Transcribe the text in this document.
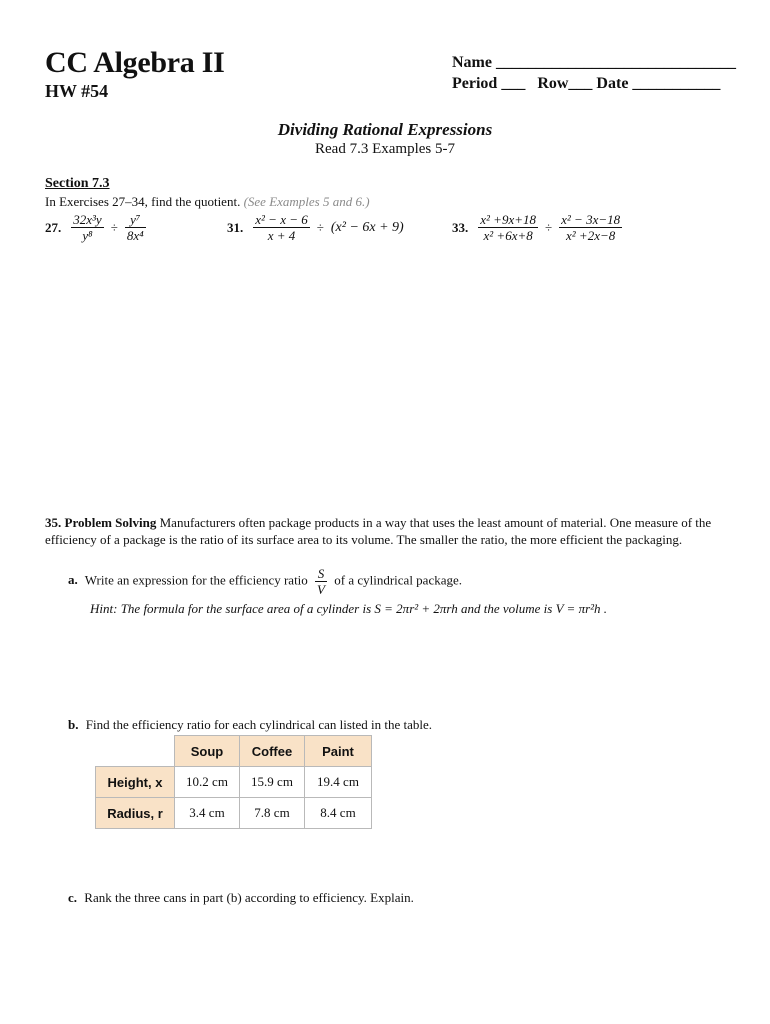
CC Algebra II
HW #54
Name ______________________________
Period ___   Row___ Date ___________
Dividing Rational Expressions
Read 7.3 Examples 5-7
Section 7.3
In Exercises 27–34, find the quotient. (See Examples 5 and 6.)
27. $\frac{\text{32x³y}}{\text{y⁸}} \div \frac{\text{y⁷}}{\text{8x⁴}}$	31. $\frac{\text{x² − x − 6}}{x + 4} \div (x^2 - 6x + 9)$	33. $\frac{\text{x² +9x+18}}{\text{x² +6x+8}} \div \frac{\text{x² − 3x−18}}{\text{x² +2x−8}}$
35. Problem Solving Manufacturers often package products in a way that uses the least amount of material. One measure of the efficiency of a package is the ratio of its surface area to its volume. The smaller the ratio, the more efficient the packaging.
a. Write an expression for the efficiency ratio $\frac{S}{V}$ of a cylindrical package.
Hint: The formula for the surface area of a cylinder is S = 2πr² + 2πrh and the volume is V = πr²h .
b. Find the efficiency ratio for each cylindrical can listed in the table.
	Soup	Coffee	Paint
Height, x	10.2 cm	15.9 cm	19.4 cm
Radius, r	3.4 cm	7.8 cm	8.4 cm
c. Rank the three cans in part (b) according to efficiency. Explain.
